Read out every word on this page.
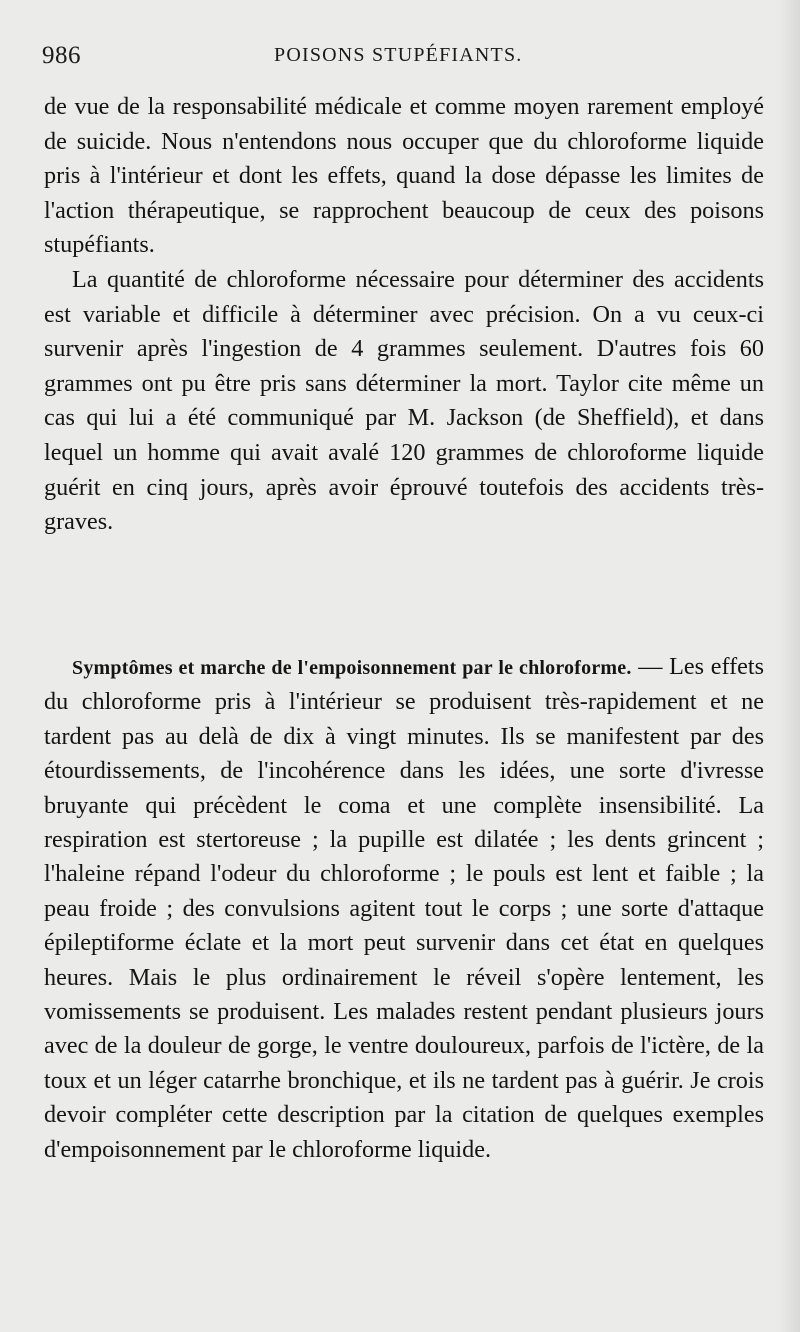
986	POISONS STUPÉFIANTS.

de vue de la responsabilité médicale et comme moyen rarement employé de suicide. Nous n'entendons nous occuper que du chloroforme liquide pris à l'intérieur et dont les effets, quand la dose dépasse les limites de l'action thérapeutique, se rapprochent beaucoup de ceux des poisons stupéfiants.

La quantité de chloroforme nécessaire pour déterminer des accidents est variable et difficile à déterminer avec précision. On a vu ceux-ci survenir après l'ingestion de 4 grammes seulement. D'autres fois 60 grammes ont pu être pris sans déterminer la mort. Taylor cite même un cas qui lui a été communiqué par M. Jackson (de Sheffield), et dans lequel un homme qui avait avalé 120 grammes de chloroforme liquide guérit en cinq jours, après avoir éprouvé toutefois des accidents très-graves.

Symptômes et marche de l'empoisonnement par le chloroforme. — Les effets du chloroforme pris à l'intérieur se produisent très-rapidement et ne tardent pas au delà de dix à vingt minutes. Ils se manifestent par des étourdissements, de l'incohérence dans les idées, une sorte d'ivresse bruyante qui précèdent le coma et une complète insensibilité. La respiration est stertoreuse ; la pupille est dilatée ; les dents grincent ; l'haleine répand l'odeur du chloroforme ; le pouls est lent et faible ; la peau froide ; des convulsions agitent tout le corps ; une sorte d'attaque épileptiforme éclate et la mort peut survenir dans cet état en quelques heures. Mais le plus ordinairement le réveil s'opère lentement, les vomissements se produisent. Les malades restent pendant plusieurs jours avec de la douleur de gorge, le ventre douloureux, parfois de l'ictère, de la toux et un léger catarrhe bronchique, et ils ne tardent pas à guérir. Je crois devoir compléter cette description par la citation de quelques exemples d'empoisonnement par le chloroforme liquide.
